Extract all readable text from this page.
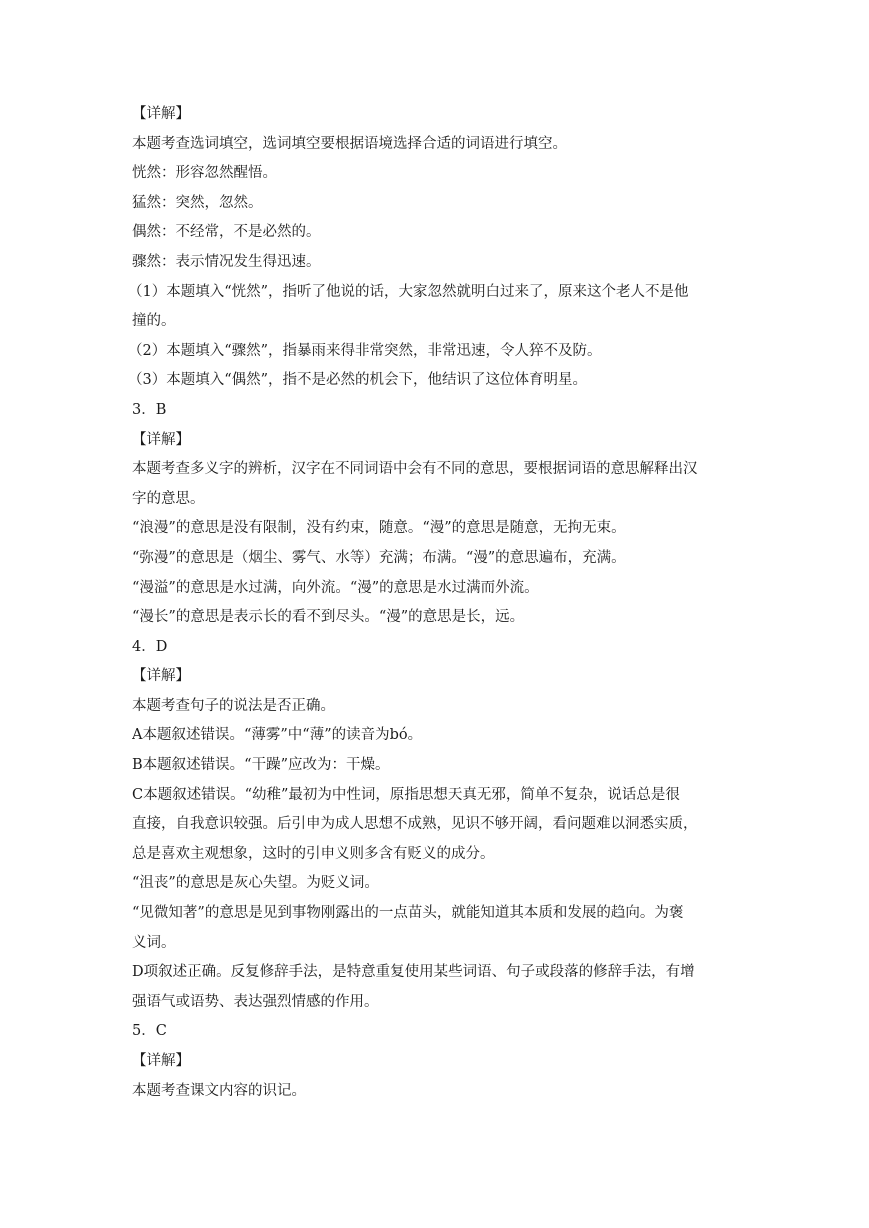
【详解】
本题考查选词填空，选词填空要根据语境选择合适的词语进行填空。
恍然：形容忽然醒悟。
猛然：突然，忽然。
偶然：不经常，不是必然的。
骤然：表示情况发生得迅速。
（1）本题填入“恍然”，指听了他说的话，大家忽然就明白过来了，原来这个老人不是他
撞的。
（2）本题填入“骤然”，指暴雨来得非常突然，非常迅速，令人猝不及防。
（3）本题填入“偶然”，指不是必然的机会下，他结识了这位体育明星。
3．B
【详解】
本题考查多义字的辨析，汉字在不同词语中会有不同的意思，要根据词语的意思解释出汉
字的意思。
“浪漫”的意思是没有限制，没有约束，随意。“漫”的意思是随意，无拘无束。
“弥漫”的意思是（烟尘、雾气、水等）充满；布满。“漫”的意思遍布，充满。
“漫溢”的意思是水过满，向外流。“漫”的意思是水过满而外流。
“漫长”的意思是表示长的看不到尽头。“漫”的意思是长，远。
4．D
【详解】
本题考查句子的说法是否正确。
A本题叙述错误。“薄雾”中“薄”的读音为bó。
B本题叙述错误。“干躁”应改为：干燥。
C本题叙述错误。“幼稚”最初为中性词，原指思想天真无邪，简单不复杂，说话总是很
直接，自我意识较强。后引申为成人思想不成熟，见识不够开阔，看问题难以洞悉实质，
总是喜欢主观想象，这时的引申义则多含有贬义的成分。
“沮丧”的意思是灰心失望。为贬义词。
“见微知著”的意思是见到事物刚露出的一点苗头，就能知道其本质和发展的趋向。为褒
义词。
D项叙述正确。反复修辞手法，是特意重复使用某些词语、句子或段落的修辞手法，有增
强语气或语势、表达强烈情感的作用。
5．C
【详解】
本题考查课文内容的识记。
